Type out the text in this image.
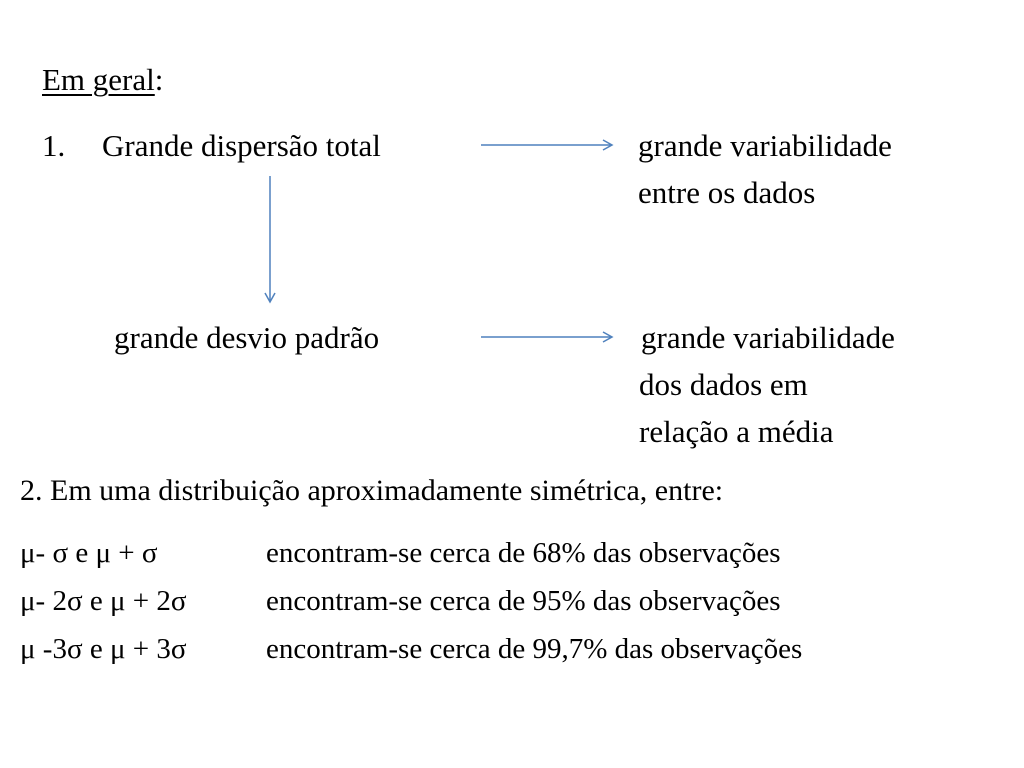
Em geral:
1. Grande dispersão total	grande variabilidade
entre os dados
grande desvio padrão	grande variabilidade
dos dados em
relação a média
2. Em uma distribuição aproximadamente simétrica, entre:
μ- σ e μ + σ	encontram-se cerca de 68% das observações
μ- 2σ e μ + 2σ	encontram-se cerca de 95% das observações
μ -3σ e μ + 3σ	encontram-se cerca de 99,7% das observações
